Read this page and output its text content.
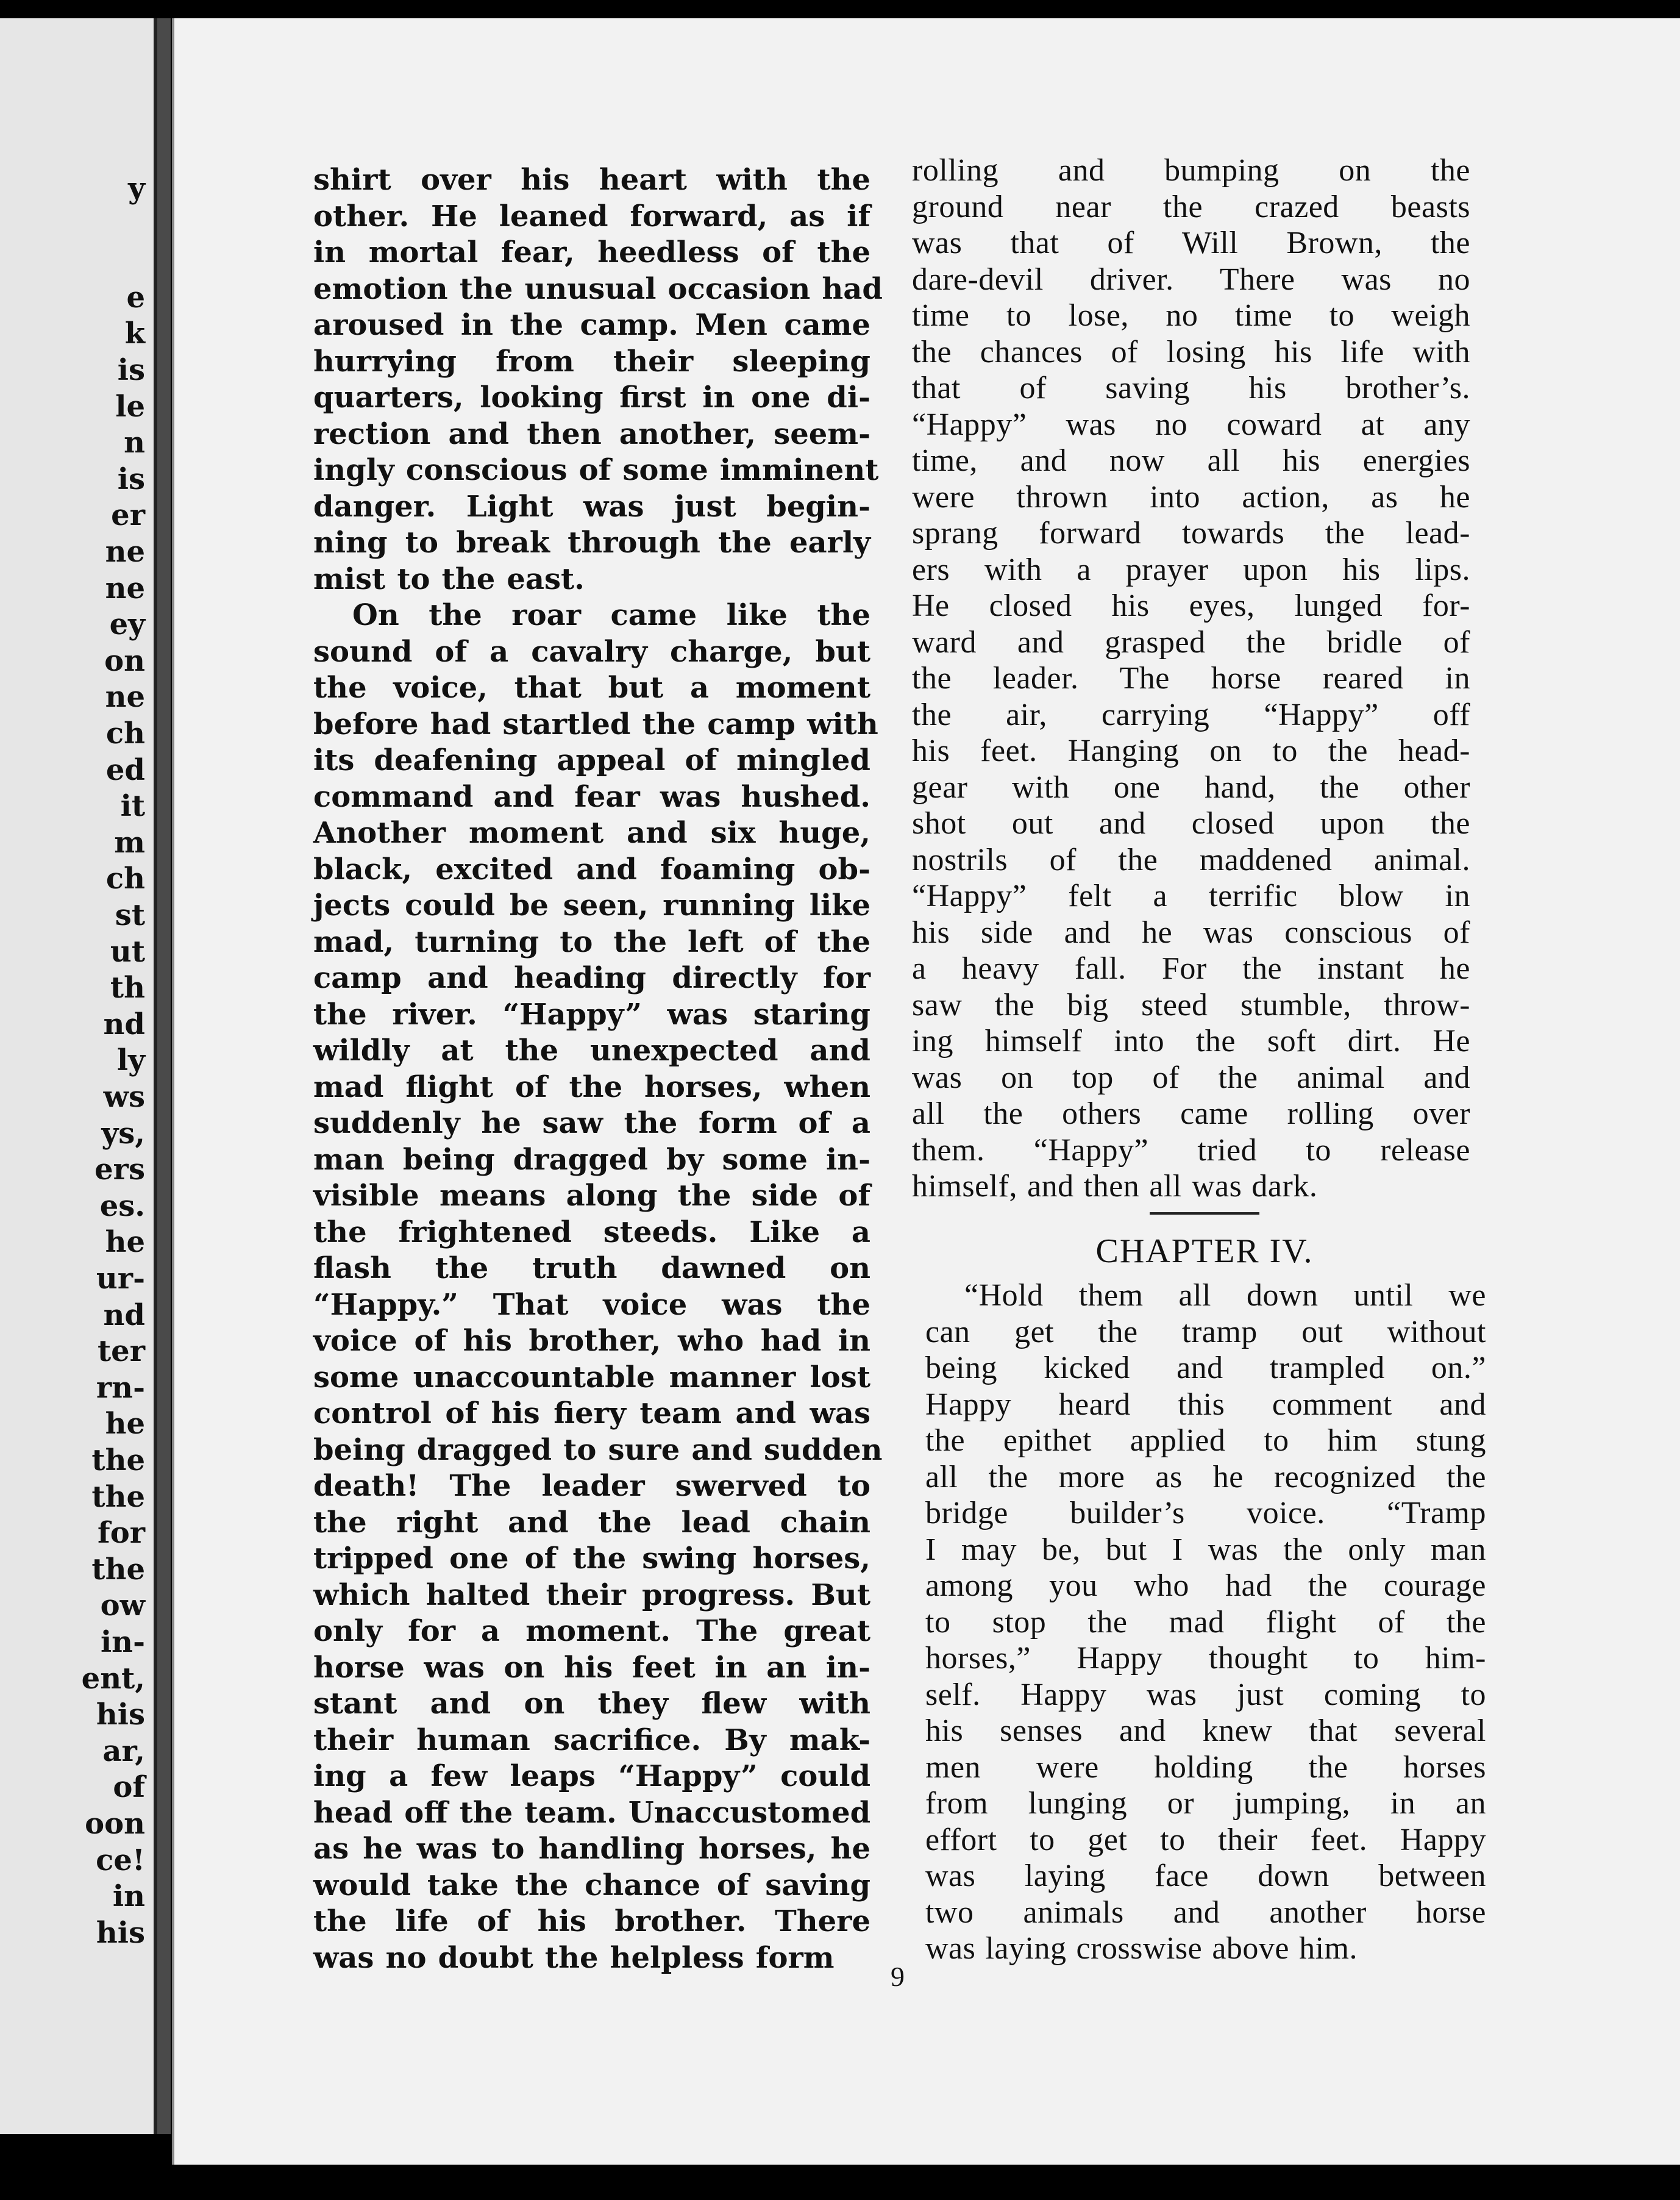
y
e
k
is
le
n
is
er
ne
ne
ey
on
ne
ch
ed
it
m
ch
st
ut
th
nd
ly
ws
ys,
ers
es.
he
ur-
nd
ter
rn-
he
the
the
for
the
ow
in-
ent,
his
ar,
of
oon
ce!
in
his
shirt over his heart with the
other. He leaned forward, as if
in mortal fear, heedless of the
emotion the unusual occasion had
aroused in the camp. Men came
hurrying from their sleeping
quarters, looking first in one di-
rection and then another, seem-
ingly conscious of some imminent
danger. Light was just begin-
ning to break through the early
mist to the east.
On the roar came like the
sound of a cavalry charge, but
the voice, that but a moment
before had startled the camp with
its deafening appeal of mingled
command and fear was hushed.
Another moment and six huge,
black, excited and foaming ob-
jects could be seen, running like
mad, turning to the left of the
camp and heading directly for
the river. “Happy” was staring
wildly at the unexpected and
mad flight of the horses, when
suddenly he saw the form of a
man being dragged by some in-
visible means along the side of
the frightened steeds. Like a
flash the truth dawned on
“Happy.” That voice was the
voice of his brother, who had in
some unaccountable manner lost
control of his fiery team and was
being dragged to sure and sudden
death! The leader swerved to
the right and the lead chain
tripped one of the swing horses,
which halted their progress. But
only for a moment. The great
horse was on his feet in an in-
stant and on they flew with
their human sacrifice. By mak-
ing a few leaps “Happy” could
head off the team. Unaccustomed
as he was to handling horses, he
would take the chance of saving
the life of his brother. There
was no doubt the helpless form
rolling and bumping on the
ground near the crazed beasts
was that of Will Brown, the
dare-devil driver. There was no
time to lose, no time to weigh
the chances of losing his life with
that of saving his brother’s.
“Happy” was no coward at any
time, and now all his energies
were thrown into action, as he
sprang forward towards the lead-
ers with a prayer upon his lips.
He closed his eyes, lunged for-
ward and grasped the bridle of
the leader. The horse reared in
the air, carrying “Happy” off
his feet. Hanging on to the head-
gear with one hand, the other
shot out and closed upon the
nostrils of the maddened animal.
“Happy” felt a terrific blow in
his side and he was conscious of
a heavy fall. For the instant he
saw the big steed stumble, throw-
ing himself into the soft dirt. He
was on top of the animal and
all the others came rolling over
them. “Happy” tried to release
himself, and then all was dark.
CHAPTER IV.
“Hold them all down until we
can get the tramp out without
being kicked and trampled on.”
Happy heard this comment and
the epithet applied to him stung
all the more as he recognized the
bridge builder’s voice. “Tramp
I may be, but I was the only man
among you who had the courage
to stop the mad flight of the
horses,” Happy thought to him-
self. Happy was just coming to
his senses and knew that several
men were holding the horses
from lunging or jumping, in an
effort to get to their feet. Happy
was laying face down between
two animals and another horse
was laying crosswise above him.
9
